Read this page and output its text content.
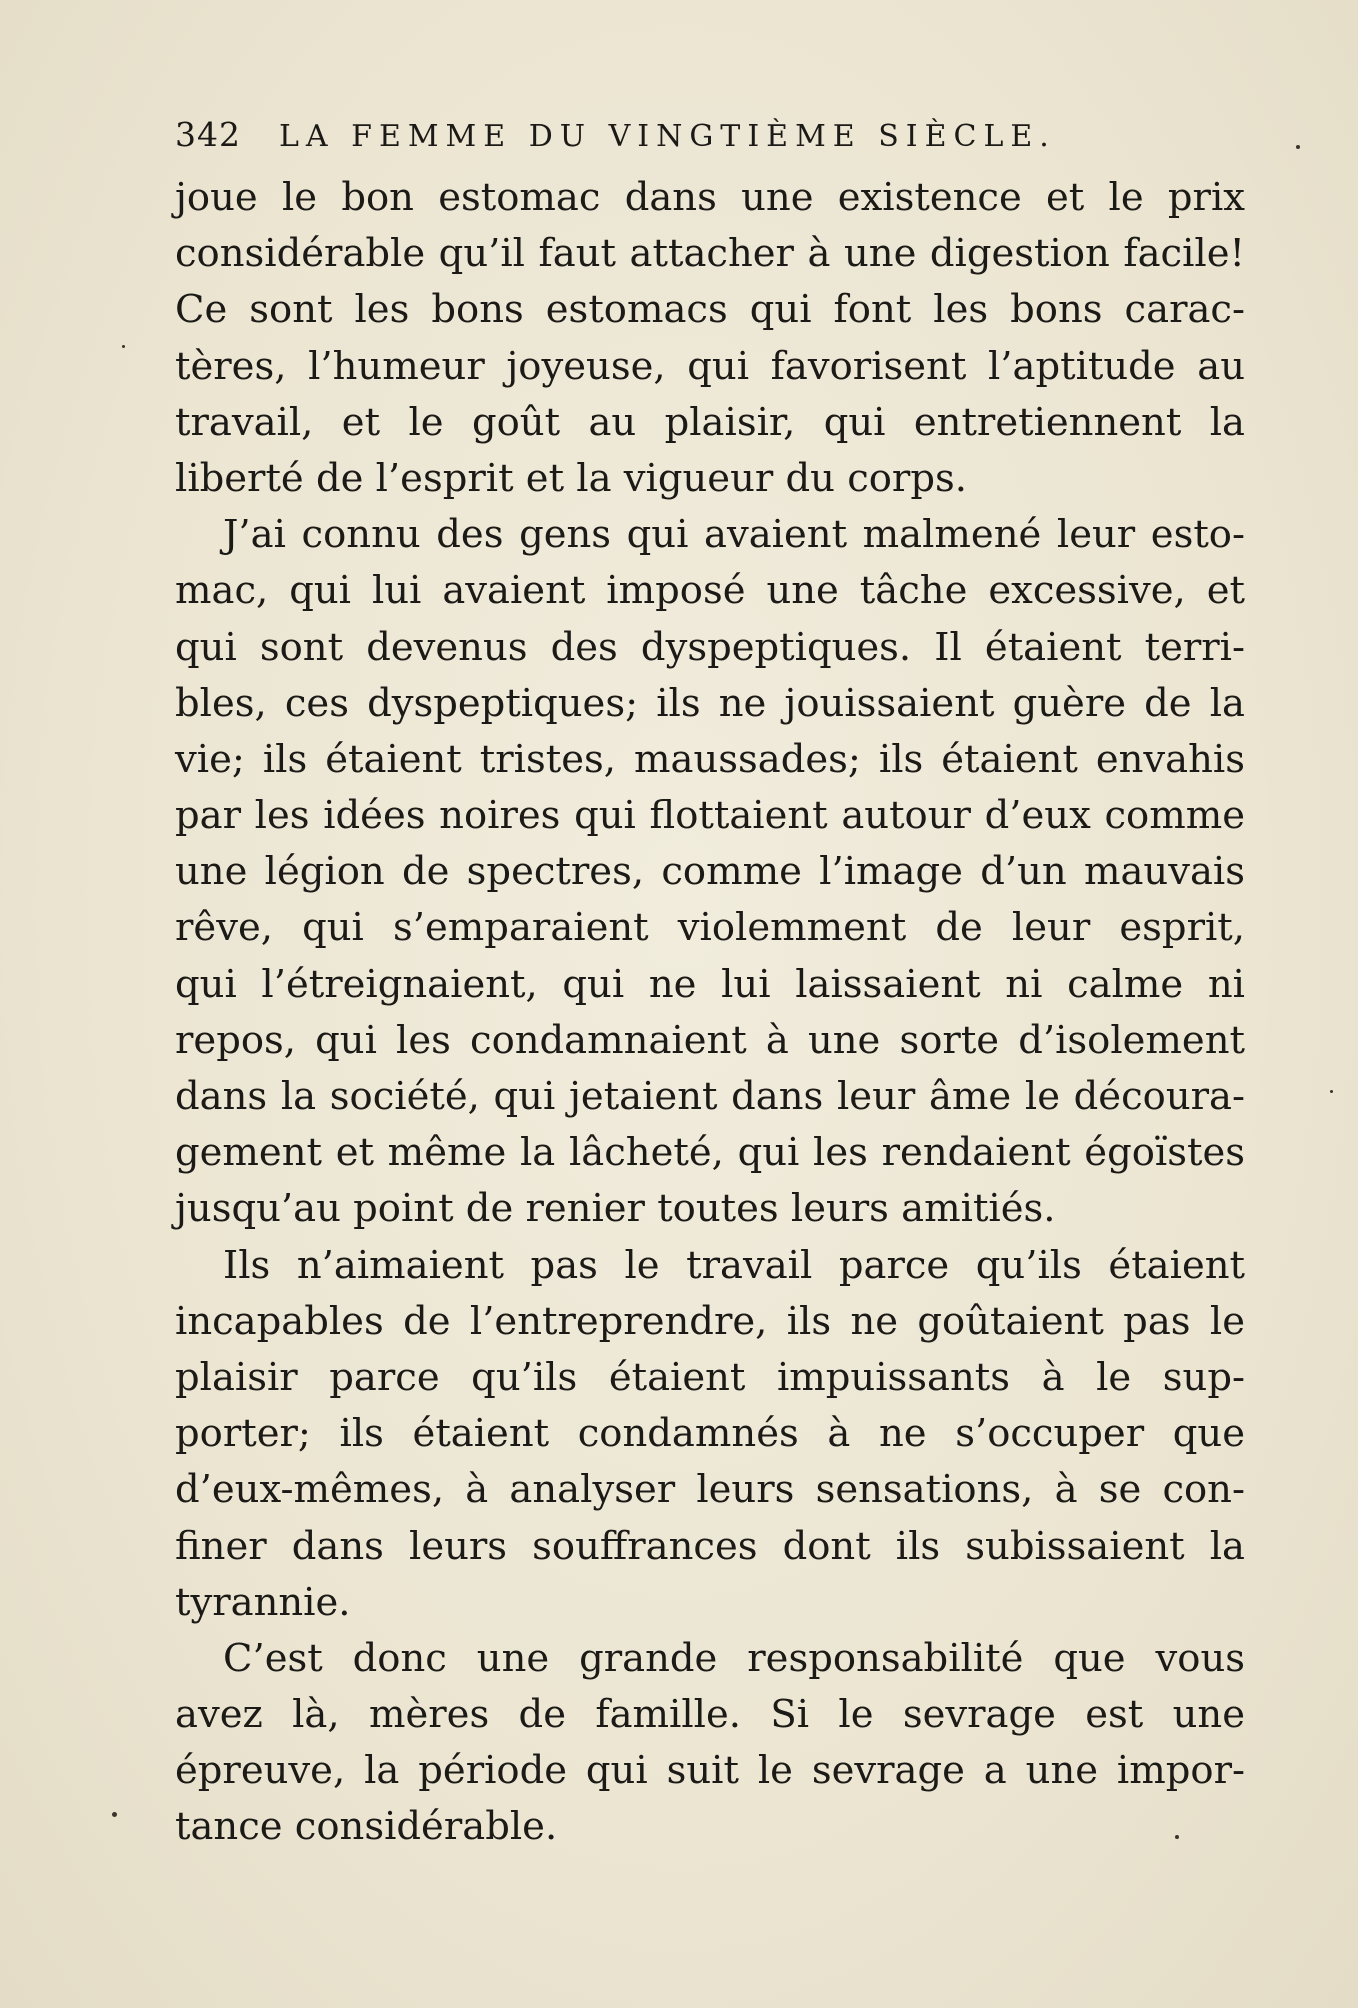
342 LA FEMME DU VINGTIÈME SIÈCLE.
joue le bon estomac dans une existence et le prix
considérable qu’il faut attacher à une digestion facile!
Ce sont les bons estomacs qui font les bons carac-
tères, l’humeur joyeuse, qui favorisent l’aptitude au
travail, et le goût au plaisir, qui entretiennent la
liberté de l’esprit et la vigueur du corps.
J’ai connu des gens qui avaient malmené leur esto-
mac, qui lui avaient imposé une tâche excessive, et
qui sont devenus des dyspeptiques. Il étaient terri-
bles, ces dyspeptiques; ils ne jouissaient guère de la
vie; ils étaient tristes, maussades; ils étaient envahis
par les idées noires qui flottaient autour d’eux comme
une légion de spectres, comme l’image d’un mauvais
rêve, qui s’emparaient violemment de leur esprit,
qui l’étreignaient, qui ne lui laissaient ni calme ni
repos, qui les condamnaient à une sorte d’isolement
dans la société, qui jetaient dans leur âme le découra-
gement et même la lâcheté, qui les rendaient égoïstes
jusqu’au point de renier toutes leurs amitiés.
Ils n’aimaient pas le travail parce qu’ils étaient
incapables de l’entreprendre, ils ne goûtaient pas le
plaisir parce qu’ils étaient impuissants à le sup-
porter; ils étaient condamnés à ne s’occuper que
d’eux-mêmes, à analyser leurs sensations, à se con-
finer dans leurs souffrances dont ils subissaient la
tyrannie.
C’est donc une grande responsabilité que vous
avez là, mères de famille. Si le sevrage est une
épreuve, la période qui suit le sevrage a une impor-
tance considérable.
